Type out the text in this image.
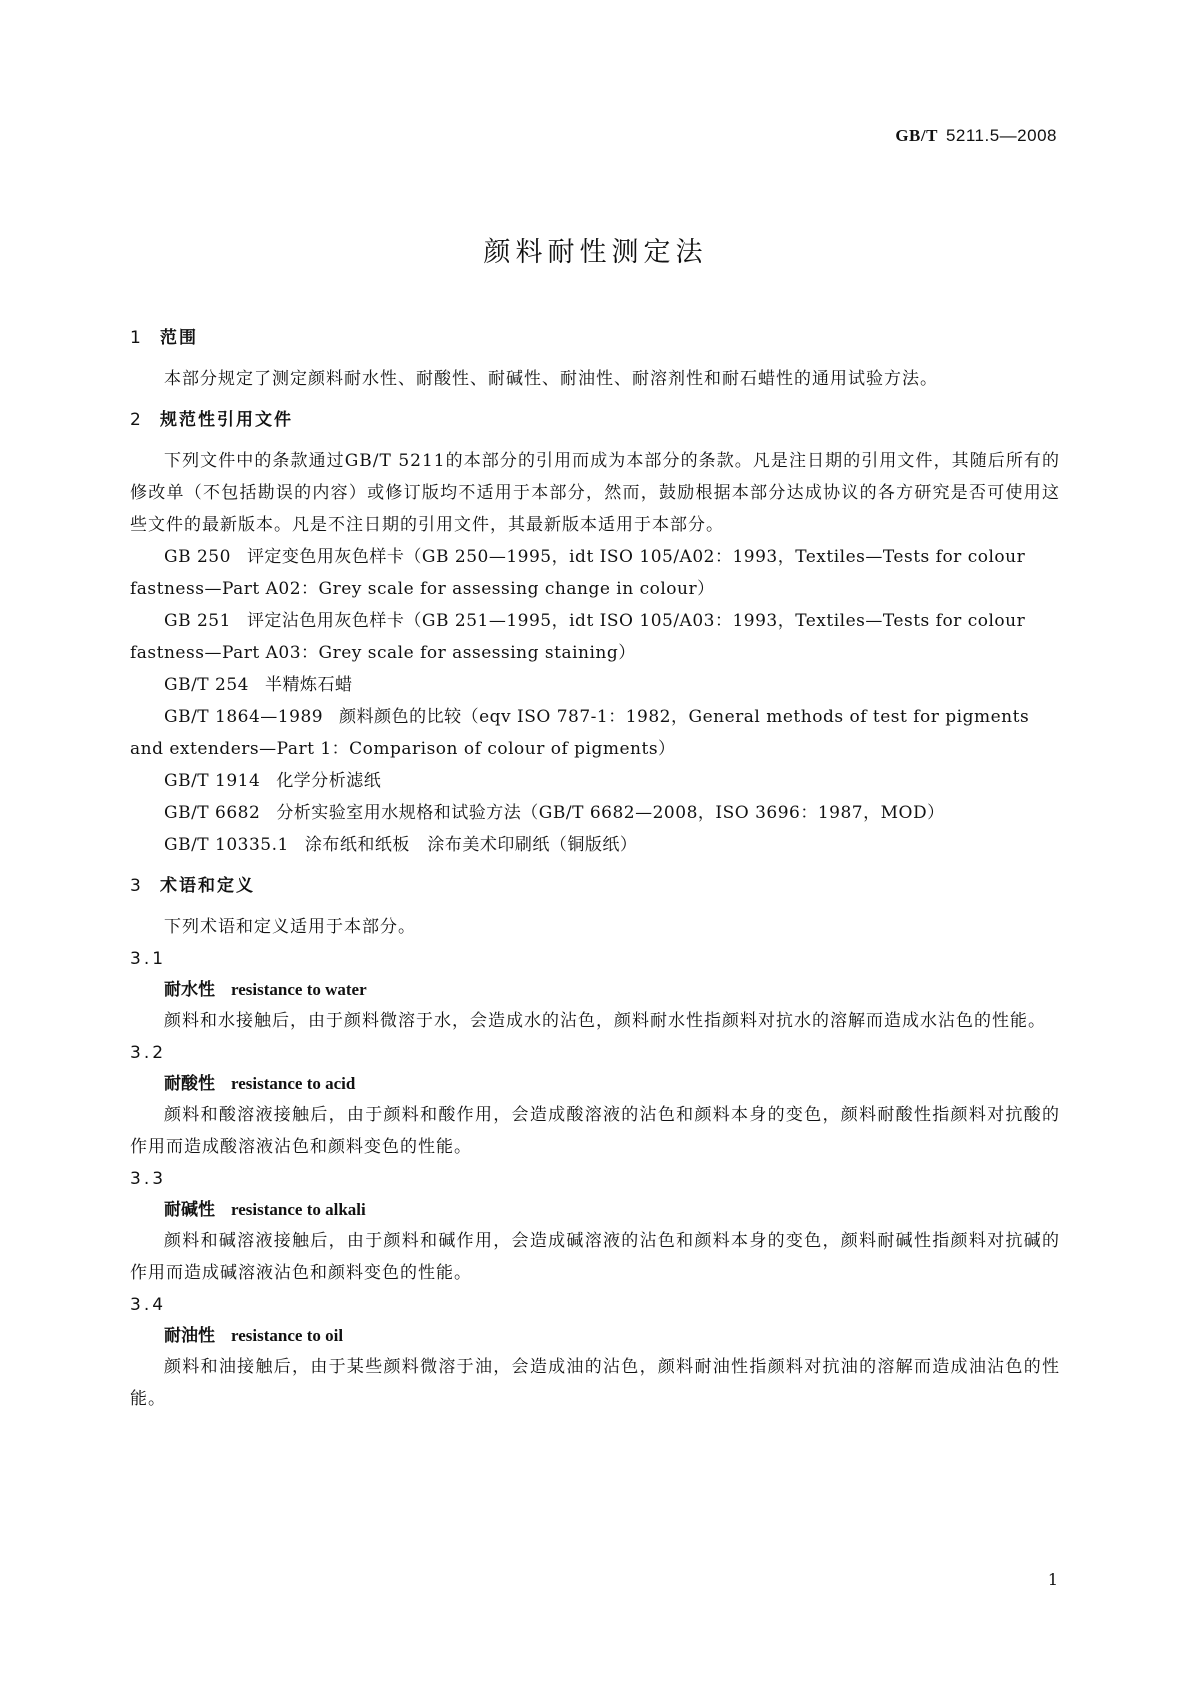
GB/T 5211.5—2008
颜料耐性测定法
1 范围
本部分规定了测定颜料耐水性、耐酸性、耐碱性、耐油性、耐溶剂性和耐石蜡性的通用试验方法。
2 规范性引用文件
下列文件中的条款通过GB/T 5211的本部分的引用而成为本部分的条款。凡是注日期的引用文件，其随后所有的修改单（不包括勘误的内容）或修订版均不适用于本部分，然而，鼓励根据本部分达成协议的各方研究是否可使用这些文件的最新版本。凡是不注日期的引用文件，其最新版本适用于本部分。
GB 250 评定变色用灰色样卡（GB 250—1995，idt ISO 105/A02：1993，Textiles—Tests for colour fastness—Part A02：Grey scale for assessing change in colour）
GB 251 评定沾色用灰色样卡（GB 251—1995，idt ISO 105/A03：1993，Textiles—Tests for colour fastness—Part A03：Grey scale for assessing staining）
GB/T 254 半精炼石蜡
GB/T 1864—1989 颜料颜色的比较（eqv ISO 787-1：1982，General methods of test for pigments and extenders—Part 1：Comparison of colour of pigments）
GB/T 1914 化学分析滤纸
GB/T 6682 分析实验室用水规格和试验方法（GB/T 6682—2008，ISO 3696：1987，MOD）
GB/T 10335.1 涂布纸和纸板　涂布美术印刷纸（铜版纸）
3 术语和定义
下列术语和定义适用于本部分。
3.1
耐水性 resistance to water
颜料和水接触后，由于颜料微溶于水，会造成水的沾色，颜料耐水性指颜料对抗水的溶解而造成水沾色的性能。
3.2
耐酸性 resistance to acid
颜料和酸溶液接触后，由于颜料和酸作用，会造成酸溶液的沾色和颜料本身的变色，颜料耐酸性指颜料对抗酸的作用而造成酸溶液沾色和颜料变色的性能。
3.3
耐碱性 resistance to alkali
颜料和碱溶液接触后，由于颜料和碱作用，会造成碱溶液的沾色和颜料本身的变色，颜料耐碱性指颜料对抗碱的作用而造成碱溶液沾色和颜料变色的性能。
3.4
耐油性 resistance to oil
颜料和油接触后，由于某些颜料微溶于油，会造成油的沾色，颜料耐油性指颜料对抗油的溶解而造成油沾色的性能。
1
